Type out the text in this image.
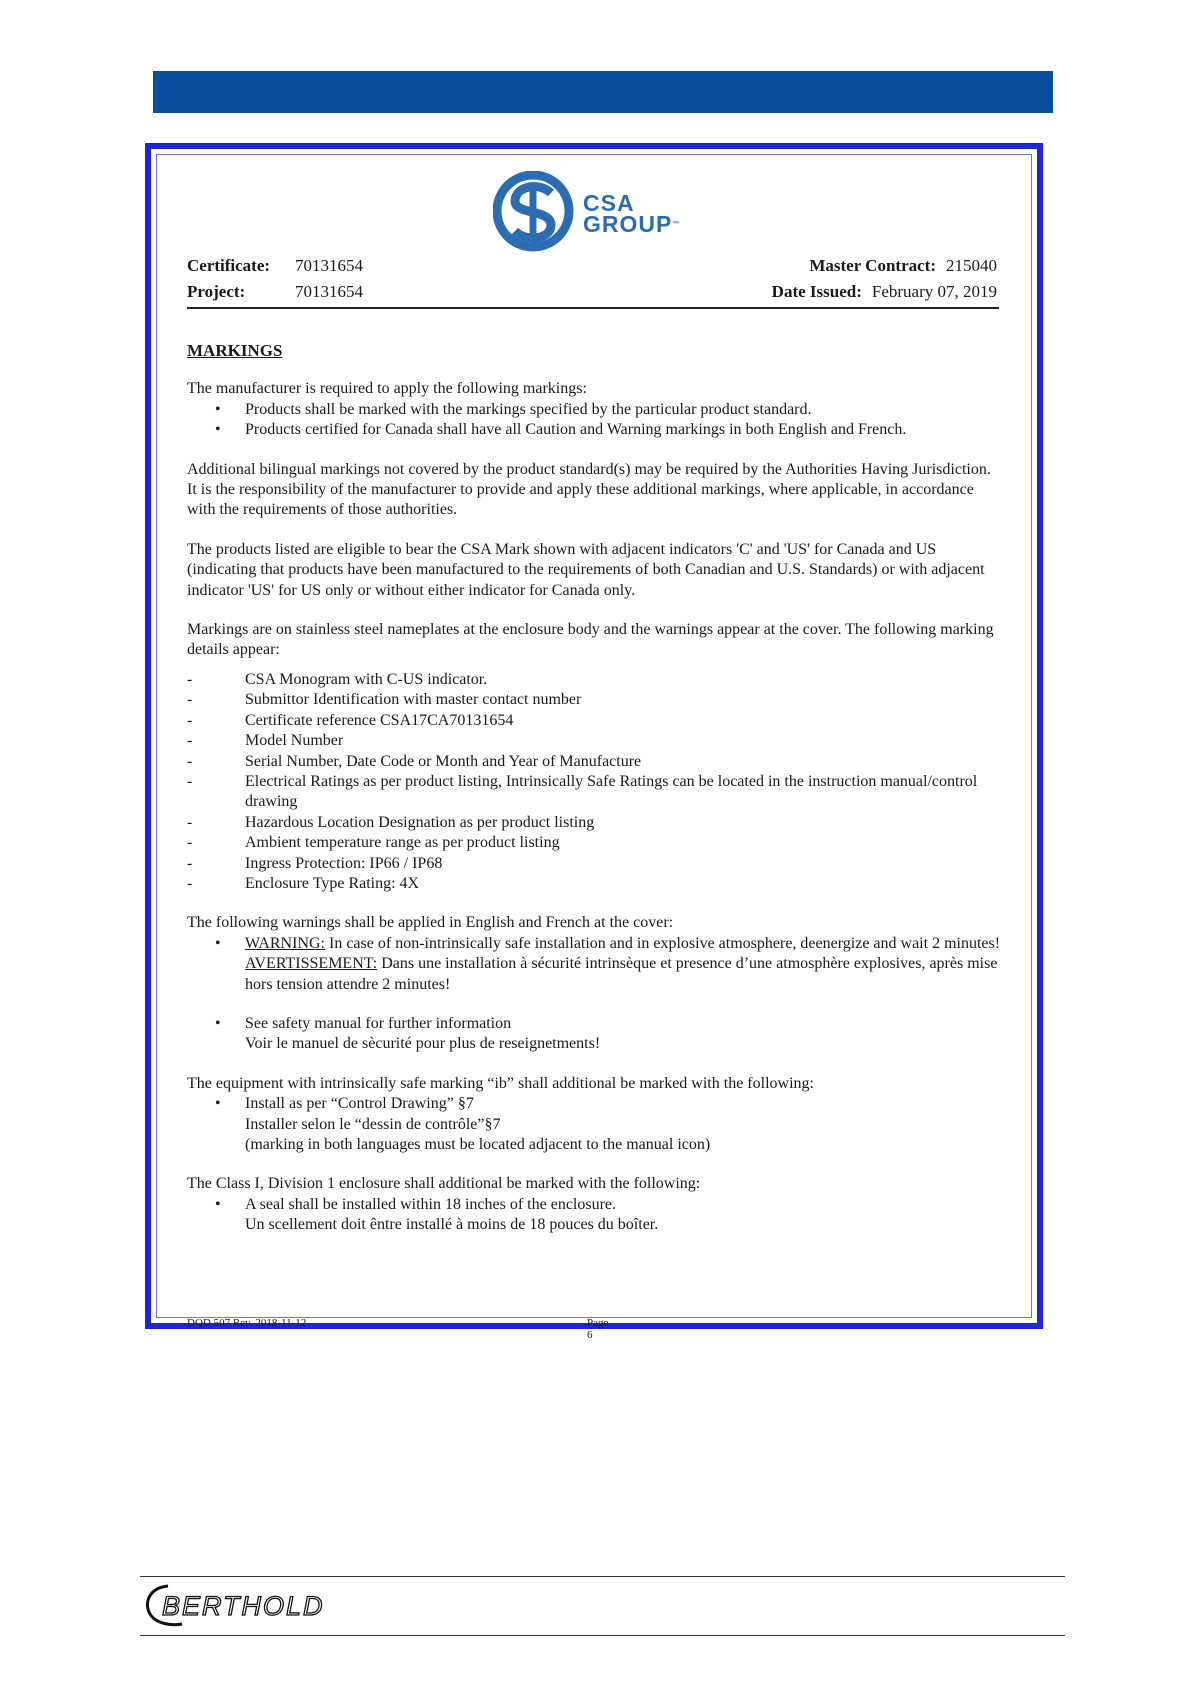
CSA
GROUP™
Certificate: 70131654	Master Contract: 215040
Project:	70131654	Date Issued: February 07, 2019
MARKINGS

The manufacturer is required to apply the following markings:

• Products shall be marked with the markings specified by the particular product standard.
• Products certified for Canada shall have all Caution and Warning markings in both English and French.

Additional bilingual markings not covered by the product standard(s) may be required by the Authorities Having Jurisdiction. It is the responsibility of the manufacturer to provide and apply these additional markings, where applicable, in accordance with the requirements of those authorities.

The products listed are eligible to bear the CSA Mark shown with adjacent indicators 'C' and 'US' for Canada and US (indicating that products have been manufactured to the requirements of both Canadian and U.S. Standards) or with adjacent indicator 'US' for US only or without either indicator for Canada only.

Markings are on stainless steel nameplates at the enclosure body and the warnings appear at the cover. The following marking details appear:

- CSA Monogram with C-US indicator.
- Submittor Identification with master contact number
- Certificate reference CSA17CA70131654
- Model Number
- Serial Number, Date Code or Month and Year of Manufacture
- Electrical Ratings as per product listing, Intrinsically Safe Ratings can be located in the instruction manual/control drawing
- Hazardous Location Designation as per product listing
- Ambient temperature range as per product listing
- Ingress Protection: IP66 / IP68
- Enclosure Type Rating: 4X

The following warnings shall be applied in English and French at the cover:

• WARNING: In case of non-intrinsically safe installation and in explosive atmosphere, deenergize and wait 2 minutes!
AVERTISSEMENT: Dans une installation à sécurité intrinsèque et presence d’une atmosphère explosives, après mise hors tension attendre 2 minutes!
• See safety manual for further information
Voir le manuel de sècurité pour plus de reseignetments!

The equipment with intrinsically safe marking “ib” shall additional be marked with the following:

• Install as per “Control Drawing” §7
Installer selon le “dessin de contrôle”§7
(marking in both languages must be located adjacent to the manual icon)

The Class I, Division 1 enclosure shall additional be marked with the following:

• A seal shall be installed within 18 inches of the enclosure.
Un scellement doit êntre installé à moins de 18 pouces du boîter.
DQD 507 Rev. 2018-11-12	Page 6
BERTHOLD
